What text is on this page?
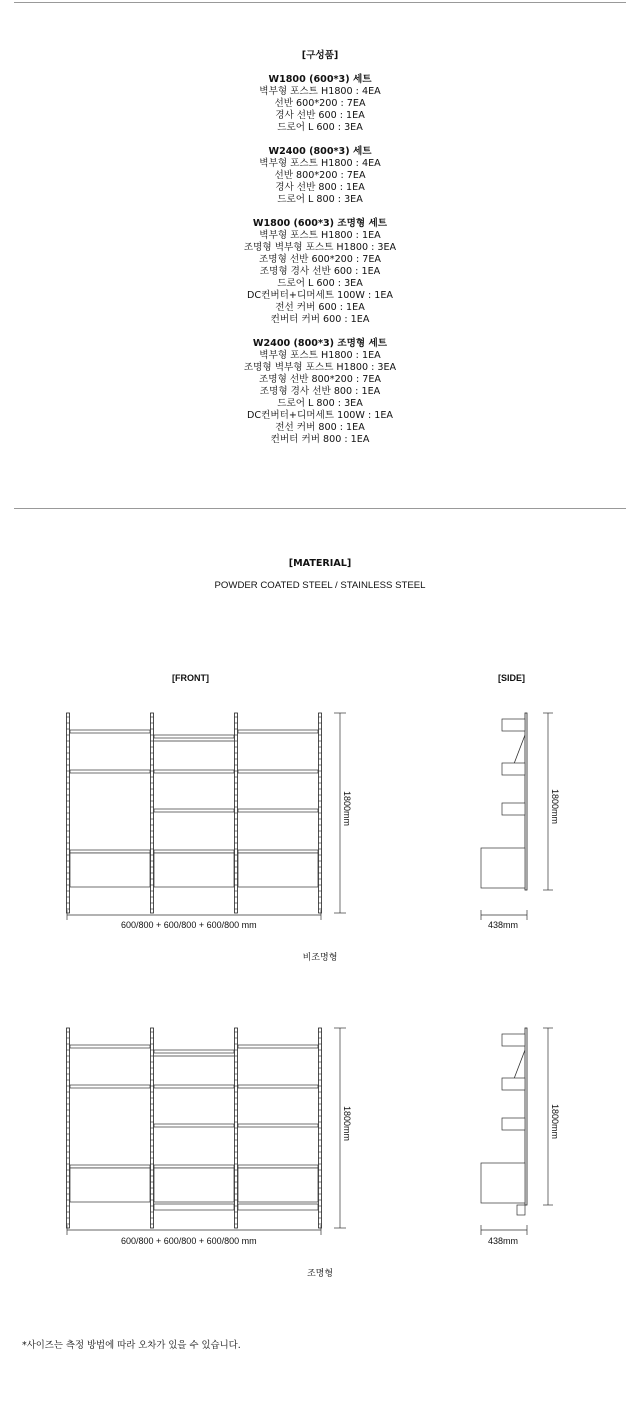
[구성품]
W1800 (600*3) 세트
벽부형 포스트 H1800 : 4EA
선반 600*200 : 7EA
경사 선반 600 : 1EA
드로어 L 600 : 3EA
W2400 (800*3) 세트
벽부형 포스트 H1800 : 4EA
선반 800*200 : 7EA
경사 선반 800 : 1EA
드로어 L 800 : 3EA
W1800 (600*3) 조명형 세트
벽부형 포스트 H1800 : 1EA
조명형 벽부형 포스트 H1800 : 3EA
조명형 선반 600*200 : 7EA
조명형 경사 선반 600 : 1EA
드로어 L 600 : 3EA
DC컨버터+디머세트 100W : 1EA
전선 커버 600 : 1EA
컨버터 커버 600 : 1EA
W2400 (800*3) 조명형 세트
벽부형 포스트 H1800 : 1EA
조명형 벽부형 포스트 H1800 : 3EA
조명형 선반 800*200 : 7EA
조명형 경사 선반 800 : 1EA
드로어 L 800 : 3EA
DC컨버터+디머세트 100W : 1EA
전선 커버 800 : 1EA
컨버터 커버 800 : 1EA
[MATERIAL]
POWDER COATED STEEL / STAINLESS STEEL
[FRONT]	[SIDE]
1800mm	1800mm
600/800 + 600/800 + 600/800 mm	438mm
비조명형
1800mm	1800mm
600/800 + 600/800 + 600/800 mm	438mm
조명형
*사이즈는 측정 방법에 따라 오차가 있을 수 있습니다.
